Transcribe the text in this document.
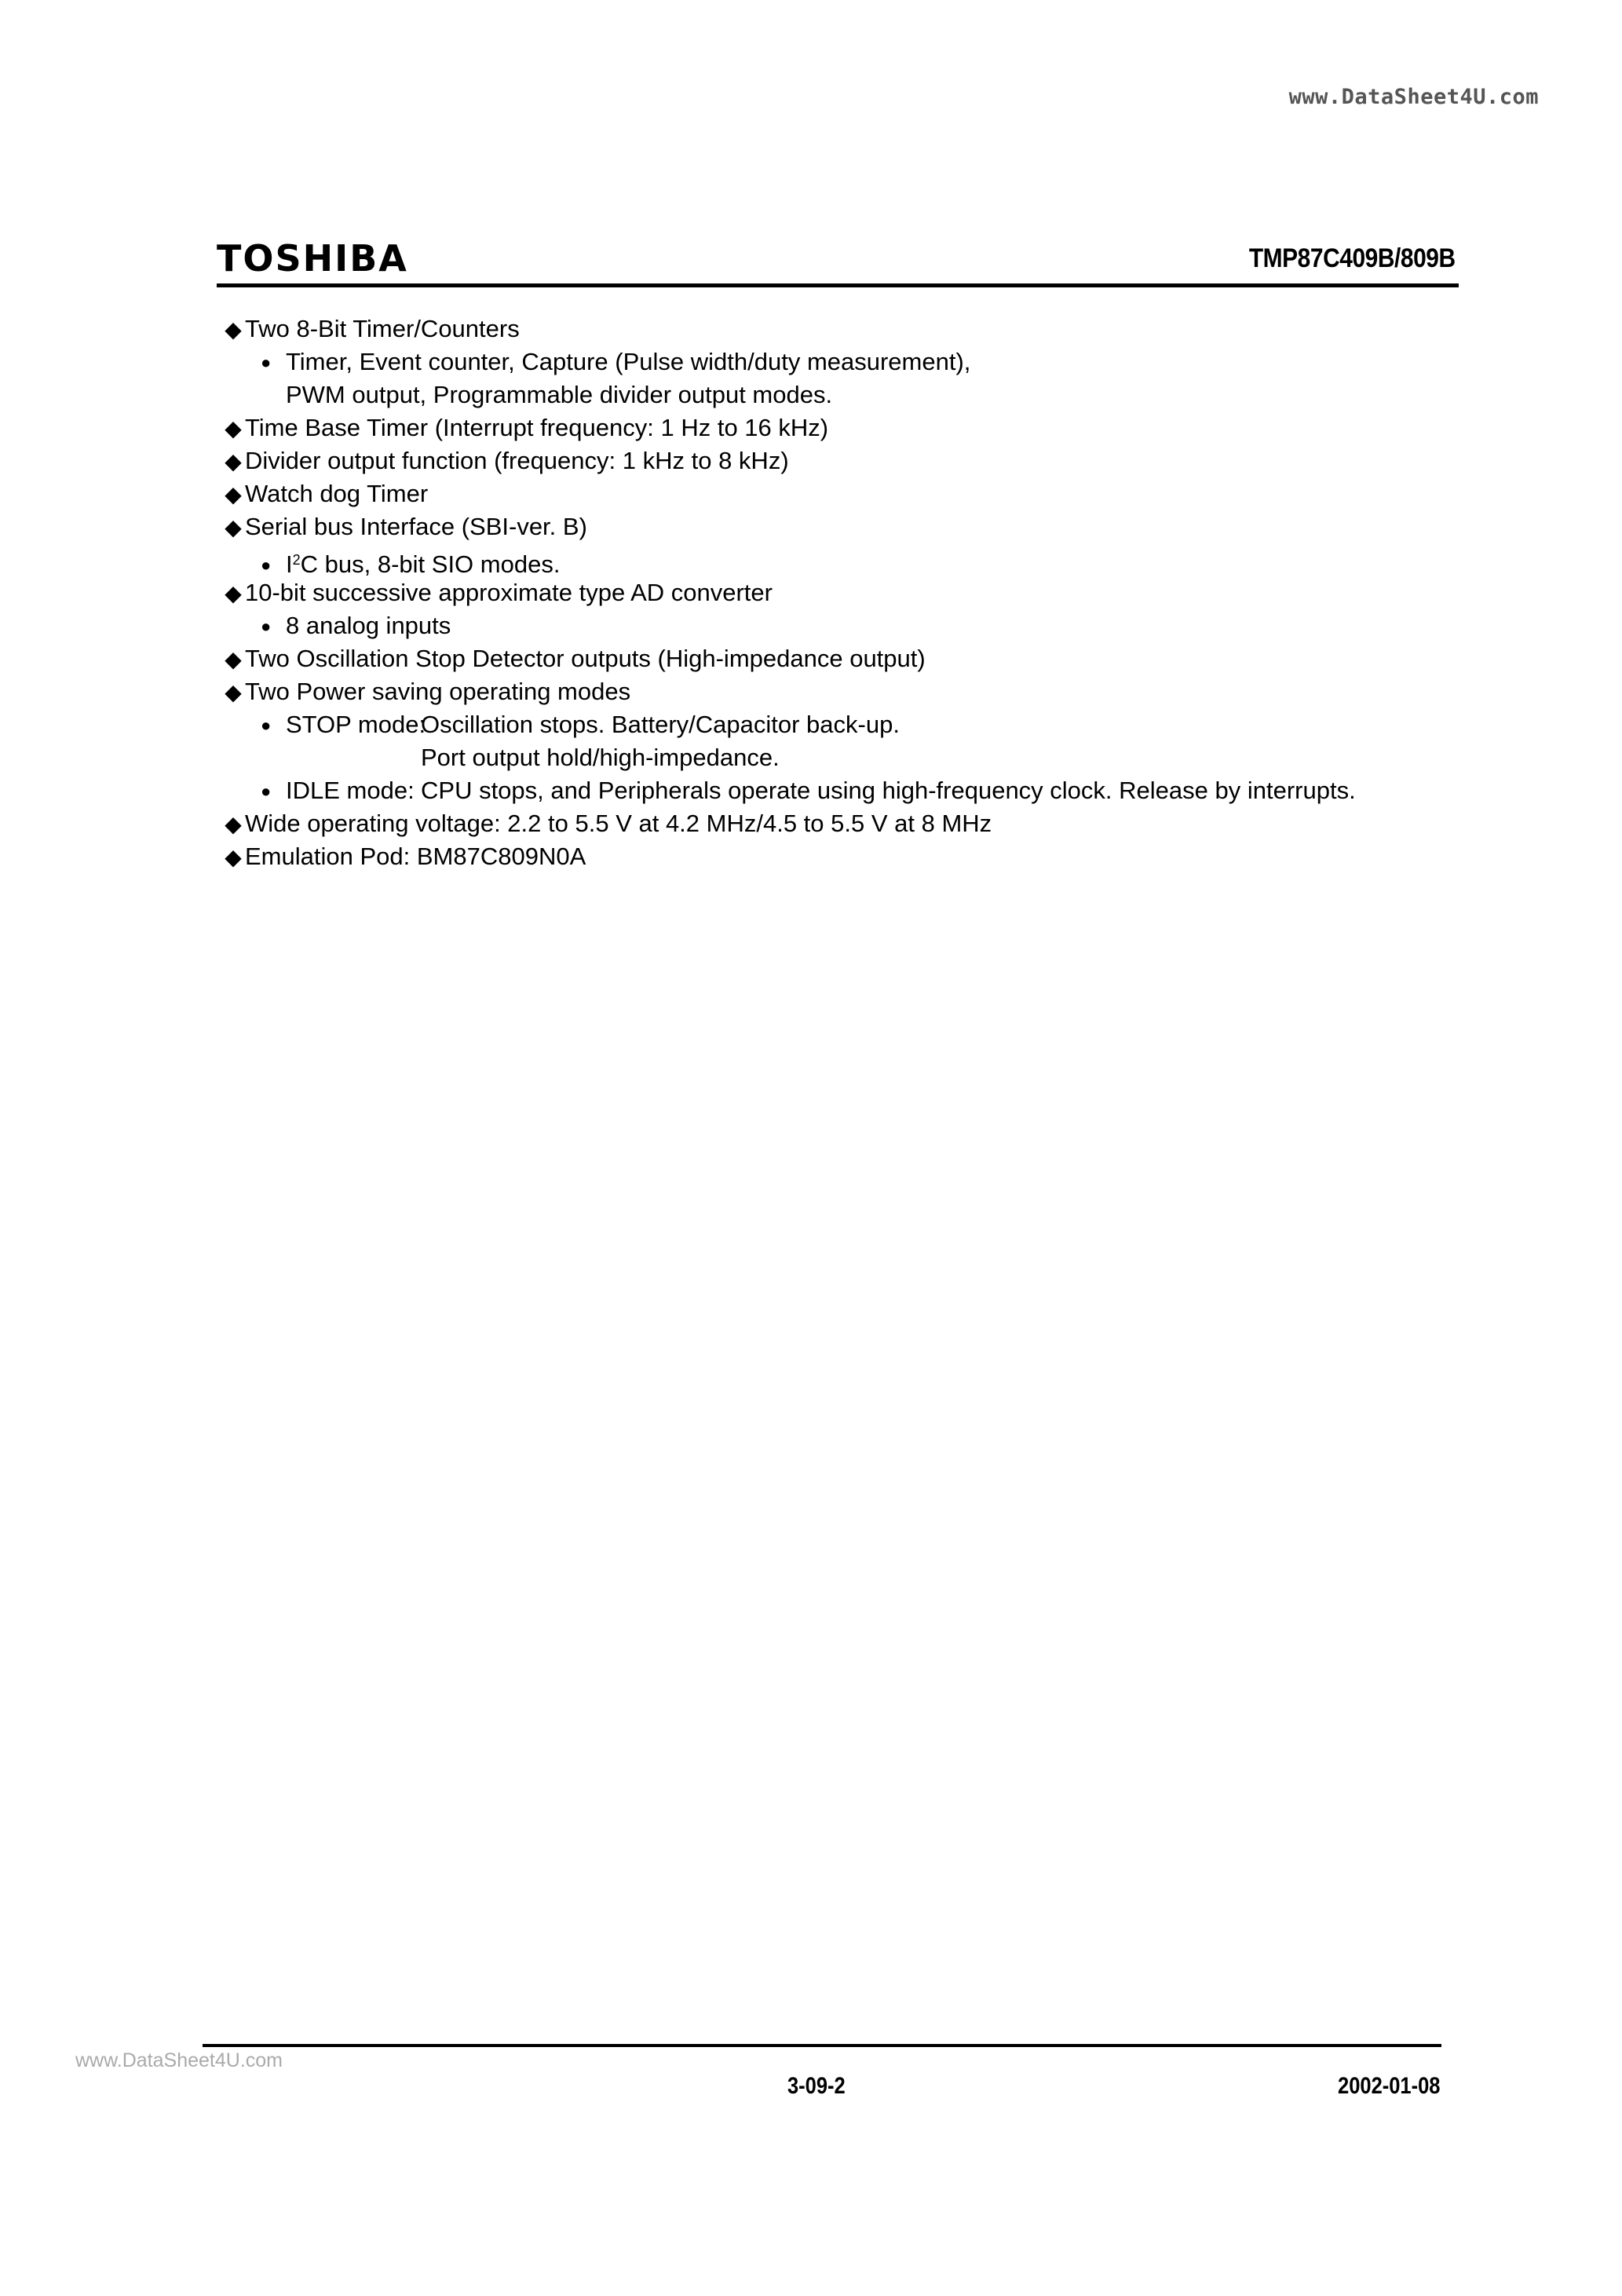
www.DataSheet4U.com
TOSHIBA	TMP87C409B/809B
◆ Two 8-Bit Timer/Counters
● Timer, Event counter, Capture (Pulse width/duty measurement),
PWM output, Programmable divider output modes.
◆ Time Base Timer (Interrupt frequency: 1 Hz to 16 kHz)
◆ Divider output function (frequency: 1 kHz to 8 kHz)
◆ Watch dog Timer
◆ Serial bus Interface (SBI-ver. B)
● $I^2C$ bus, 8-bit SIO modes.
◆ 10-bit successive approximate type AD converter
● 8 analog inputs
◆ Two Oscillation Stop Detector outputs (High-impedance output)
◆ Two Power saving operating modes
● STOP mode:Oscillation stops. Battery/Capacitor back-up.
Port output hold/high-impedance.
● IDLE mode: CPU stops, and Peripherals operate using high-frequency clock. Release by interrupts.
◆ Wide operating voltage: 2.2 to 5.5 V at 4.2 MHz/4.5 to 5.5 V at 8 MHz
◆ Emulation Pod: BM87C809N0A
www.DataSheet4U.com
3-09-2	2002-01-08
